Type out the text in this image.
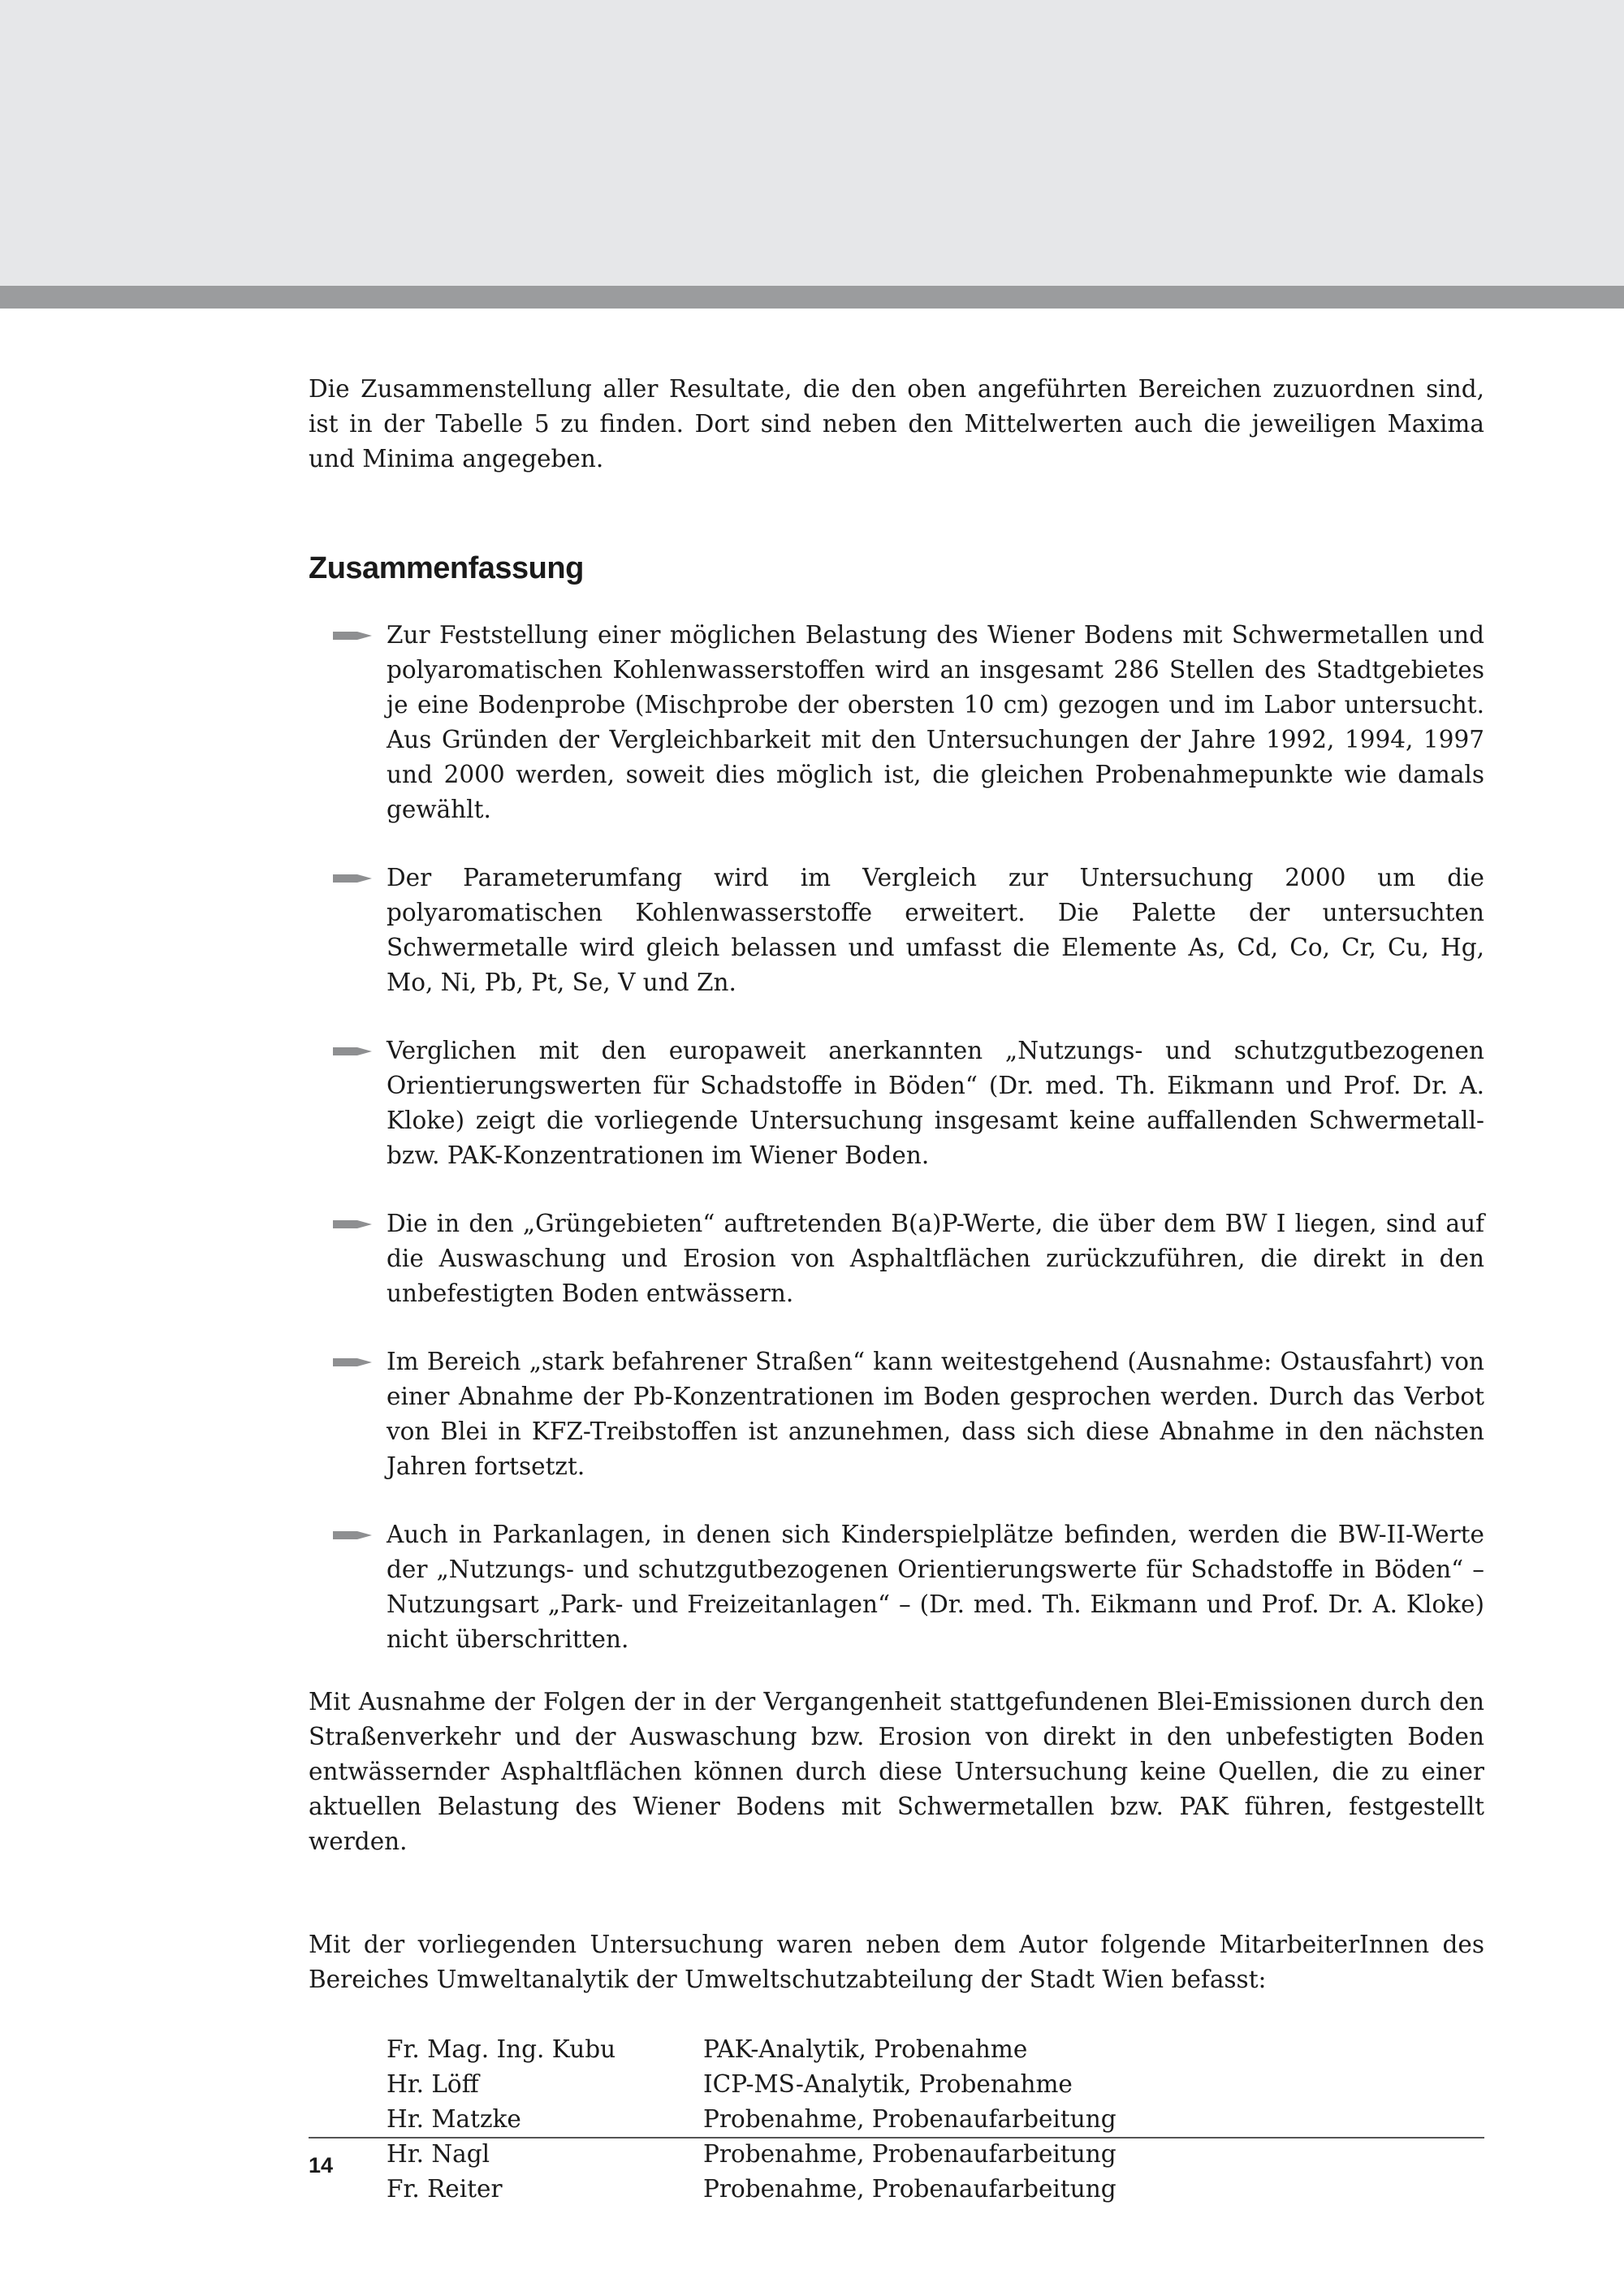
Die Zusammenstellung aller Resultate, die den oben angeführten Bereichen zuzuordnen sind, ist in der Tabelle 5 zu finden. Dort sind neben den Mittelwerten auch die jeweiligen Maxima und Minima angegeben.

Zusammenfassung

Zur Feststellung einer möglichen Belastung des Wiener Bodens mit Schwermetallen und polyaromatischen Kohlenwasserstoffen wird an insgesamt 286 Stellen des Stadtgebietes je eine Bodenprobe (Mischprobe der obersten 10 cm) gezogen und im Labor untersucht. Aus Gründen der Vergleichbarkeit mit den Untersuchungen der Jahre 1992, 1994, 1997 und 2000 werden, soweit dies möglich ist, die gleichen Probenahmepunkte wie damals gewählt.

Der Parameterumfang wird im Vergleich zur Untersuchung 2000 um die polyaromatischen Kohlenwasserstoffe erweitert. Die Palette der untersuchten Schwermetalle wird gleich belassen und umfasst die Elemente As, Cd, Co, Cr, Cu, Hg, Mo, Ni, Pb, Pt, Se, V und Zn.

Verglichen mit den europaweit anerkannten „Nutzungs- und schutzgutbezogenen Orientierungswerten für Schadstoffe in Böden“ (Dr. med. Th. Eikmann und Prof. Dr. A. Kloke) zeigt die vorliegende Untersuchung insgesamt keine auffallenden Schwermetall- bzw. PAK-Konzentrationen im Wiener Boden.

Die in den „Grüngebieten“ auftretenden B(a)P-Werte, die über dem BW I liegen, sind auf die Auswaschung und Erosion von Asphaltflächen zurückzuführen, die direkt in den unbefestigten Boden entwässern.

Im Bereich „stark befahrener Straßen“ kann weitestgehend (Ausnahme: Ostausfahrt) von einer Abnahme der Pb-Konzentrationen im Boden gesprochen werden. Durch das Verbot von Blei in KFZ-Treibstoffen ist anzunehmen, dass sich diese Abnahme in den nächsten Jahren fortsetzt.

Auch in Parkanlagen, in denen sich Kinderspielplätze befinden, werden die BW-II-Werte der „Nutzungs- und schutzgutbezogenen Orientierungswerte für Schadstoffe in Böden“ – Nutzungsart „Park- und Freizeitanlagen“ – (Dr. med. Th. Eikmann und Prof. Dr. A. Kloke) nicht überschritten.

Mit Ausnahme der Folgen der in der Vergangenheit stattgefundenen Blei-Emissionen durch den Straßenverkehr und der Auswaschung bzw. Erosion von direkt in den unbefestigten Boden entwässernder Asphaltflächen können durch diese Untersuchung keine Quellen, die zu einer aktuellen Belastung des Wiener Bodens mit Schwermetallen bzw. PAK führen, festgestellt werden.

Mit der vorliegenden Untersuchung waren neben dem Autor folgende MitarbeiterInnen des Bereiches Umweltanalytik der Umweltschutzabteilung der Stadt Wien befasst:

Fr. Mag. Ing. Kubu	PAK-Analytik, Probenahme
Hr. Löff	ICP-MS-Analytik, Probenahme
Hr. Matzke	Probenahme, Probenaufarbeitung
Hr. Nagl	Probenahme, Probenaufarbeitung
Fr. Reiter	Probenahme, Probenaufarbeitung
14
